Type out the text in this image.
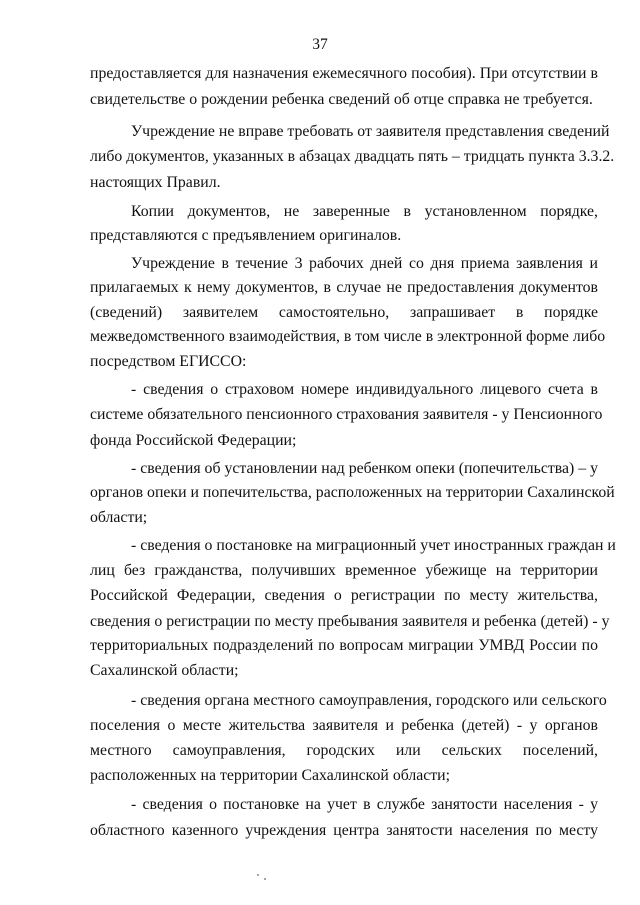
37
предоставляется для назначения ежемесячного пособия). При отсутствии в
свидетельстве о рождении ребенка сведений об отце справка не требуется.
Учреждение не вправе требовать от заявителя представления сведений
либо документов, указанных в абзацах двадцать пять – тридцать пункта 3.3.2.
настоящих Правил.
Копии документов, не заверенные в установленном порядке,
представляются с предъявлением оригиналов.
Учреждение в течение 3 рабочих дней со дня приема заявления и
прилагаемых к нему документов, в случае не предоставления документов
(сведений) заявителем самостоятельно, запрашивает в порядке
межведомственного взаимодействия, в том числе в электронной форме либо
посредством ЕГИССО:
- сведения о страховом номере индивидуального лицевого счета в
системе обязательного пенсионного страхования заявителя - у Пенсионного
фонда Российской Федерации;
- сведения об установлении над ребенком опеки (попечительства) – у
органов опеки и попечительства, расположенных на территории Сахалинской
области;
- сведения о постановке на миграционный учет иностранных граждан и
лиц без гражданства, получивших временное убежище на территории
Российской Федерации, сведения о регистрации по месту жительства,
сведения о регистрации по месту пребывания заявителя и ребенка (детей) - у
территориальных подразделений по вопросам миграции УМВД России по
Сахалинской области;
- сведения органа местного самоуправления, городского или сельского
поселения о месте жительства заявителя и ребенка (детей) - у органов
местного самоуправления, городских или сельских поселений,
расположенных на территории Сахалинской области;
- сведения о постановке на учет в службе занятости населения - у
областного казенного учреждения центра занятости населения по месту
